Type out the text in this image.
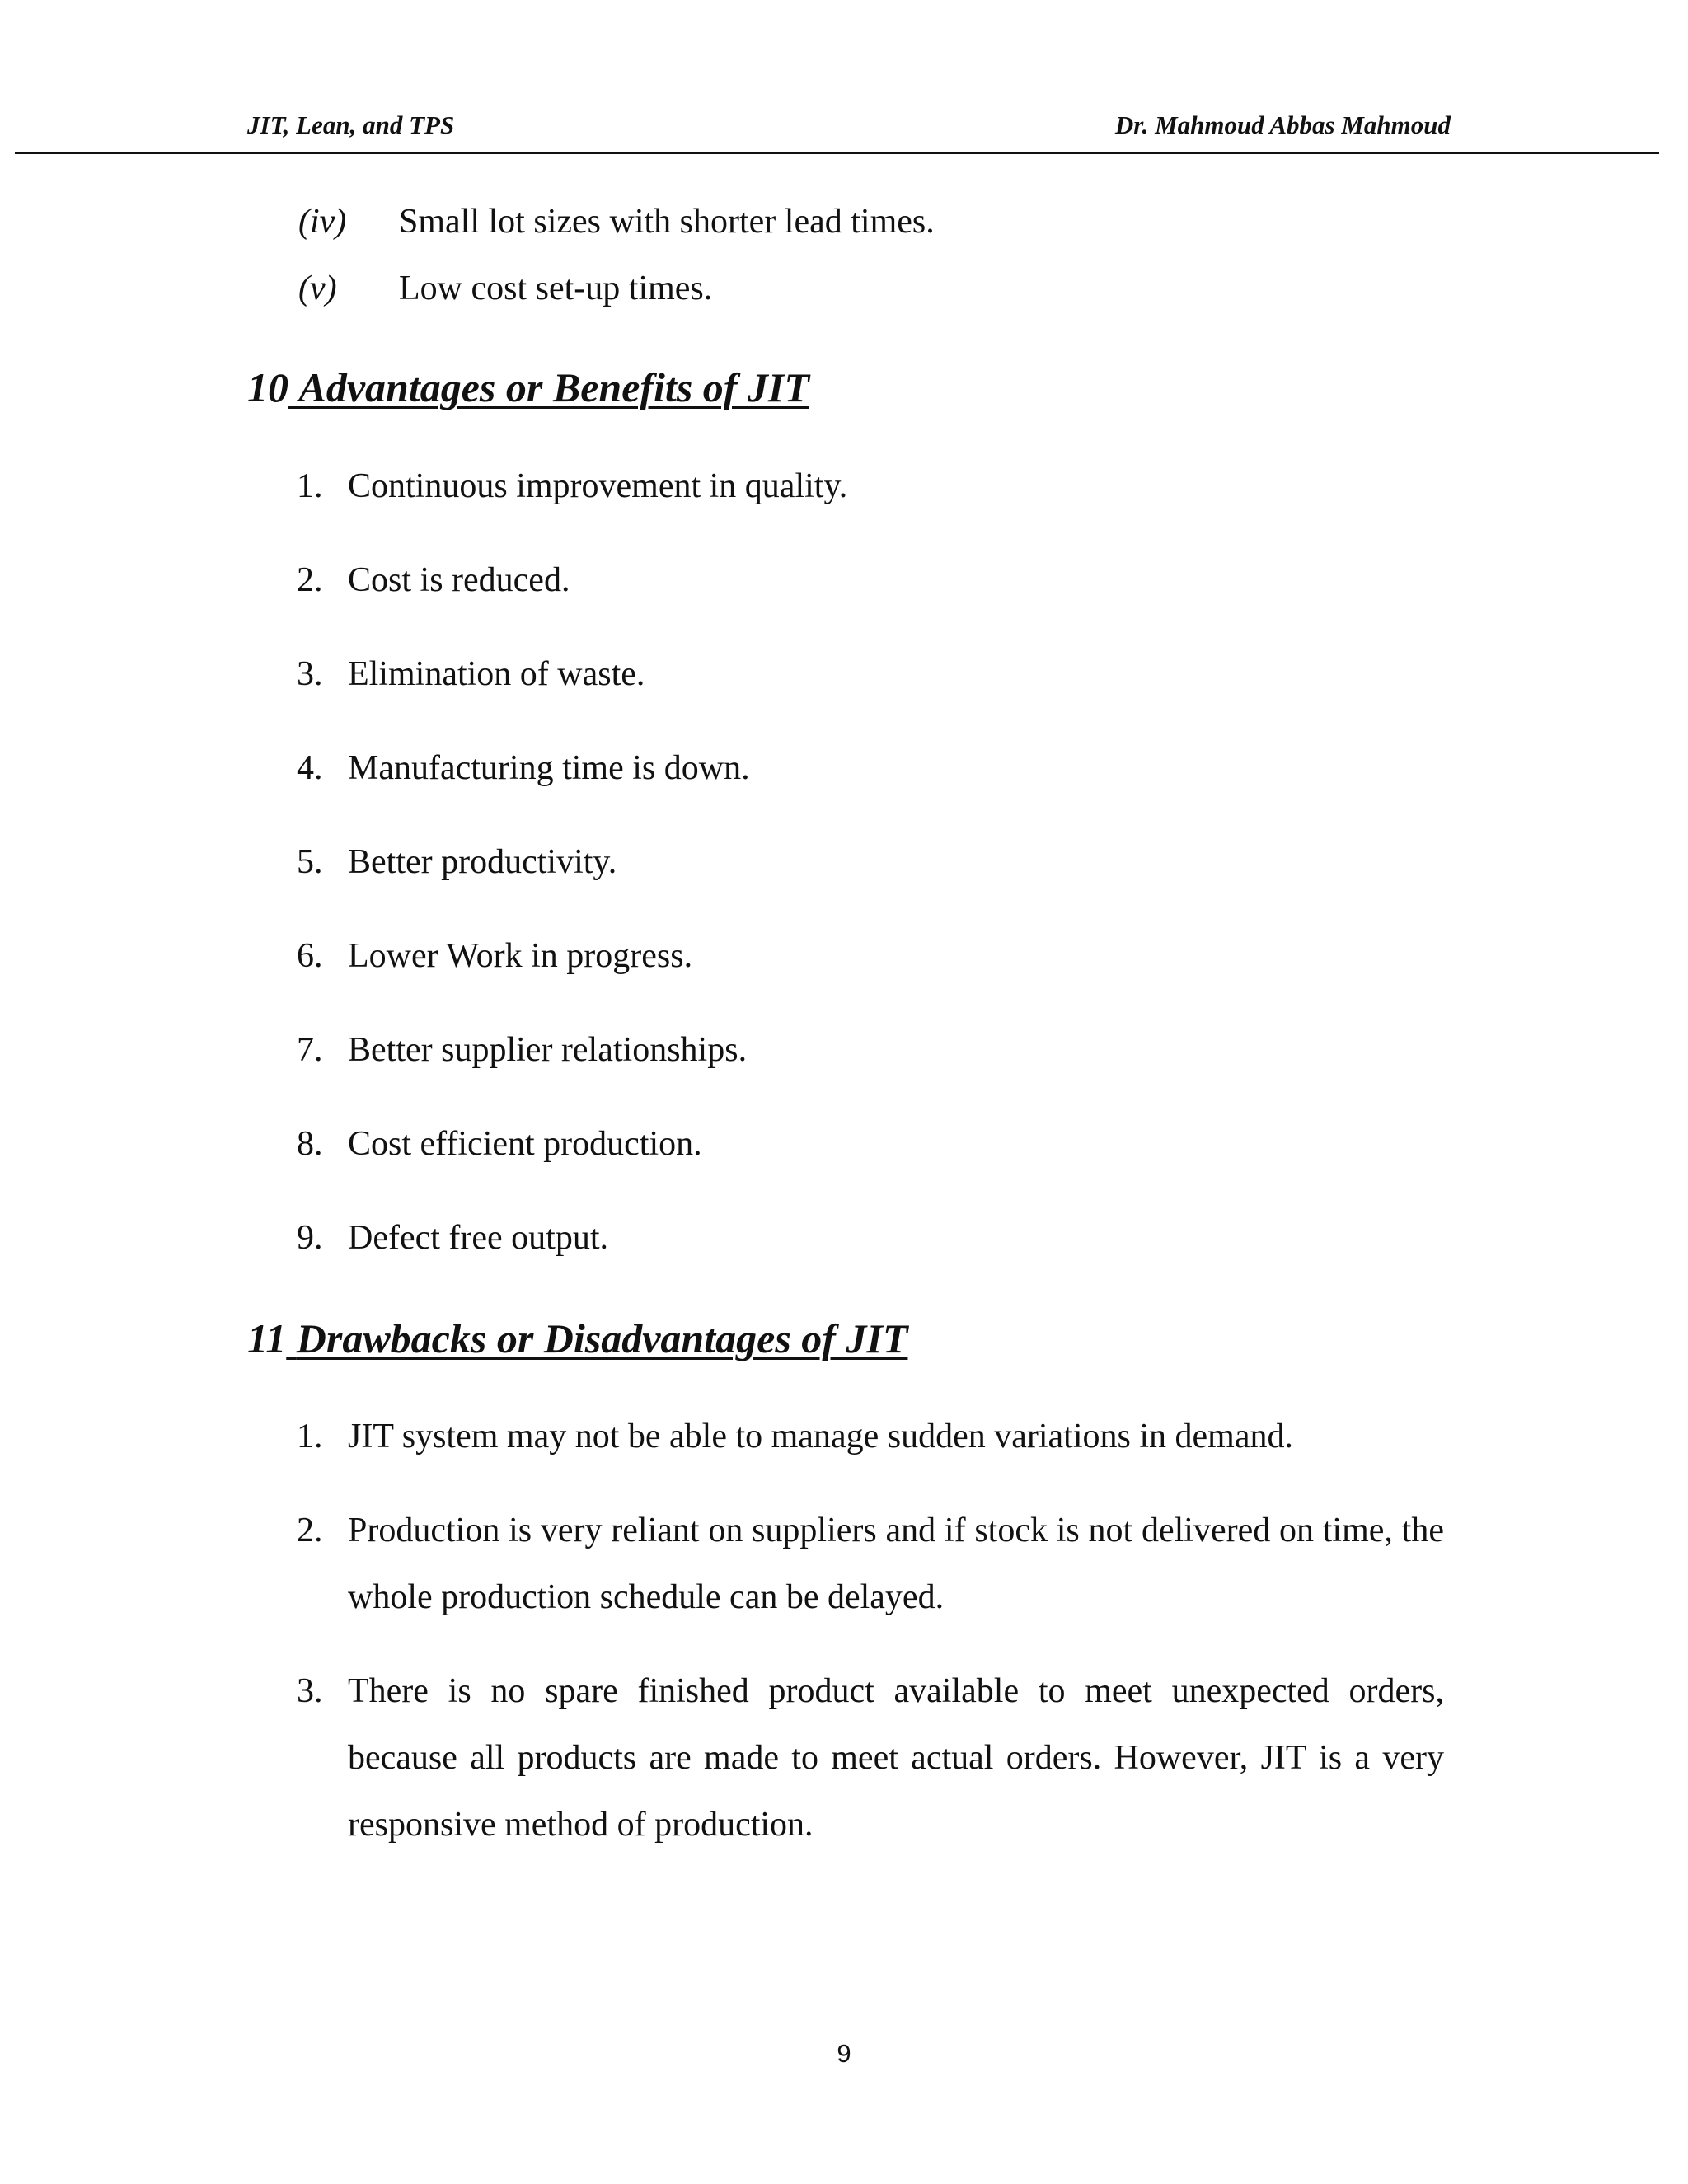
JIT, Lean, and TPS	Dr. Mahmoud Abbas Mahmoud
(iv) Small lot sizes with shorter lead times.
(v) Low cost set-up times.
10 Advantages or Benefits of JIT
1. Continuous improvement in quality.
2. Cost is reduced.
3. Elimination of waste.
4. Manufacturing time is down.
5. Better productivity.
6. Lower Work in progress.
7. Better supplier relationships.
8. Cost efficient production.
9. Defect free output.
11 Drawbacks or Disadvantages of JIT
1. JIT system may not be able to manage sudden variations in demand.
2. Production is very reliant on suppliers and if stock is not delivered on time, the whole production schedule can be delayed.
3. There is no spare finished product available to meet unexpected orders, because all products are made to meet actual orders. However, JIT is a very responsive method of production.
9
